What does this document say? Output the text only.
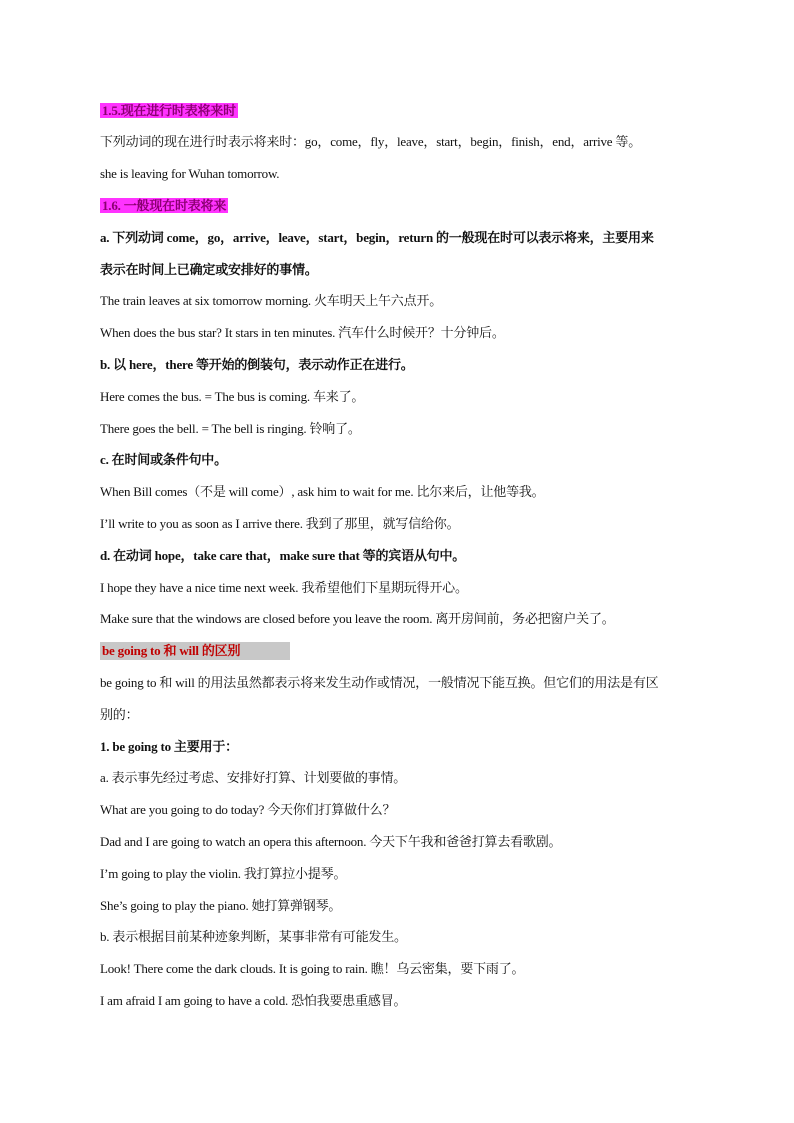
1.5.现在进行时表将来时
下列动词的现在进行时表示将来时：go，come，fly，leave，start，begin，finish，end，arrive 等。
she is leaving for Wuhan tomorrow.
1.6. 一般现在时表将来
a. 下列动词 come，go，arrive，leave，start，begin，return 的一般现在时可以表示将来，主要用来
表示在时间上已确定或安排好的事情。
The train leaves at six tomorrow morning. 火车明天上午六点开。
When does the bus star? It stars in ten minutes. 汽车什么时候开？十分钟后。
b. 以 here，there 等开始的倒装句，表示动作正在进行。
Here comes the bus. = The bus is coming. 车来了。
There goes the bell. = The bell is ringing. 铃响了。
c. 在时间或条件句中。
When Bill comes（不是 will come）, ask him to wait for me. 比尔来后，让他等我。
I’ll write to you as soon as I arrive there. 我到了那里，就写信给你。
d. 在动词 hope，take care that，make sure that 等的宾语从句中。
I hope they have a nice time next week. 我希望他们下星期玩得开心。
Make sure that the windows are closed before you leave the room. 离开房间前，务必把窗户关了。
be going to 和 will 的区别
be going to 和 will 的用法虽然都表示将来发生动作或情况，一般情况下能互换。但它们的用法是有区
别的：
1. be going to 主要用于：
a. 表示事先经过考虑、安排好打算、计划要做的事情。
What are you going to do today? 今天你们打算做什么？
Dad and I are going to watch an opera this afternoon. 今天下午我和爸爸打算去看歌剧。
I’m going to play the violin. 我打算拉小提琴。
She’s going to play the piano. 她打算弹钢琴。
b. 表示根据目前某种迹象判断，某事非常有可能发生。
Look! There come the dark clouds. It is going to rain. 瞧！乌云密集，要下雨了。
I am afraid I am going to have a cold. 恐怕我要患重感冒。
